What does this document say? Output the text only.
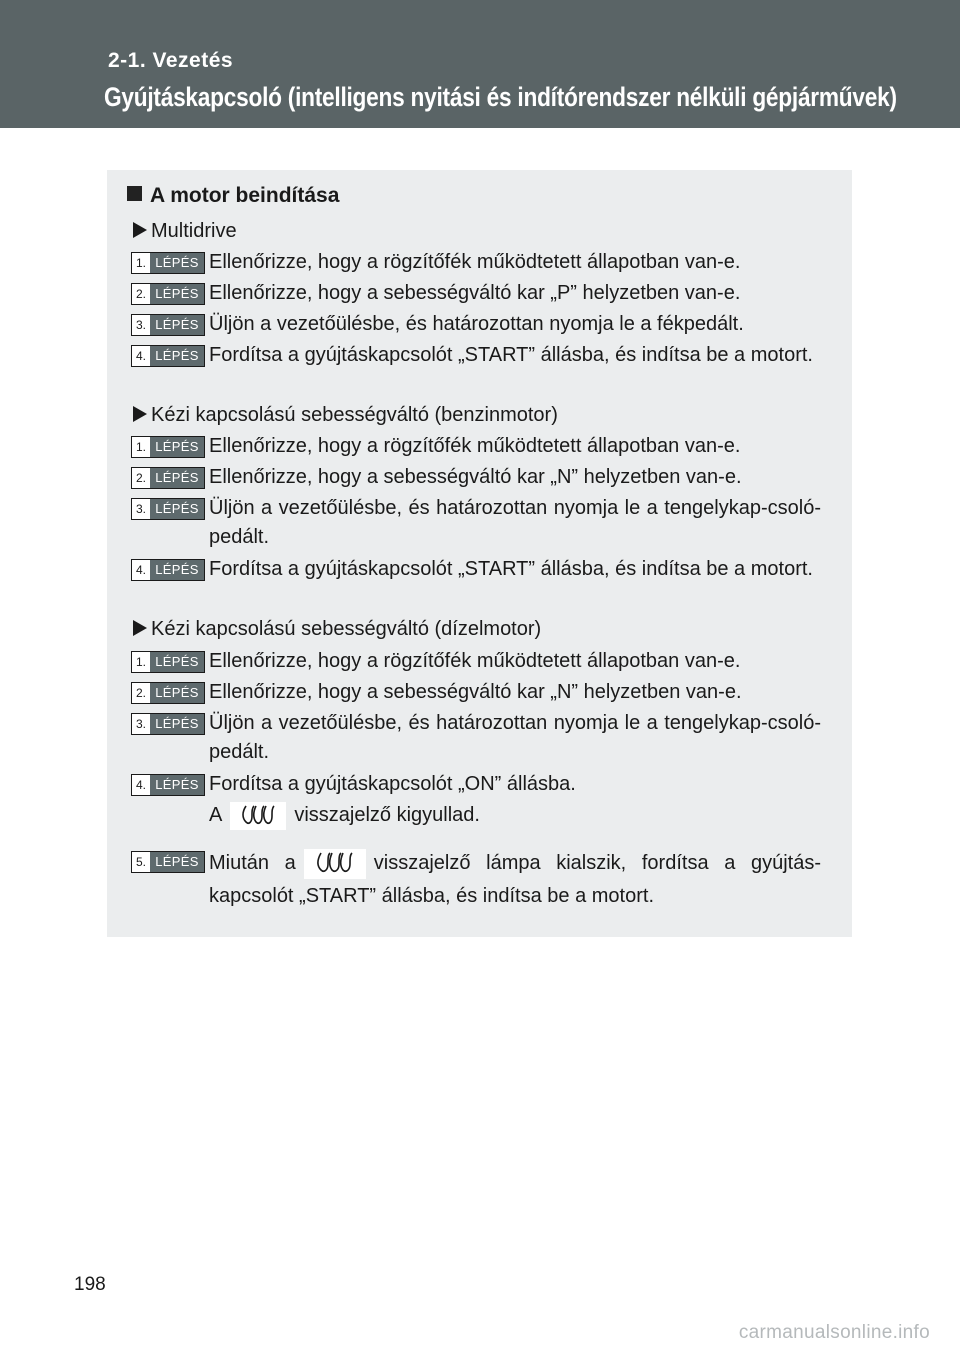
2-1. Vezetés
Gyújtáskapcsoló (intelligens nyitási és indítórendszer nélküli gépjárművek)
A motor beindítása
Multidrive
1. LÉPÉS Ellenőrizze, hogy a rögzítőfék működtetett állapotban van-e.
2. LÉPÉS Ellenőrizze, hogy a sebességváltó kar „P” helyzetben van-e.
3. LÉPÉS Üljön a vezetőülésbe, és határozottan nyomja le a fékpedált.
4. LÉPÉS Fordítsa a gyújtáskapcsolót „START” állásba, és indítsa be a motort.
Kézi kapcsolású sebességváltó (benzinmotor)
1. LÉPÉS Ellenőrizze, hogy a rögzítőfék működtetett állapotban van-e.
2. LÉPÉS Ellenőrizze, hogy a sebességváltó kar „N” helyzetben van-e.
3. LÉPÉS Üljön a vezetőülésbe, és határozottan nyomja le a tengelykap-csoló-pedált.
4. LÉPÉS Fordítsa a gyújtáskapcsolót „START” állásba, és indítsa be a motort.
Kézi kapcsolású sebességváltó (dízelmotor)
1. LÉPÉS Ellenőrizze, hogy a rögzítőfék működtetett állapotban van-e.
2. LÉPÉS Ellenőrizze, hogy a sebességváltó kar „N” helyzetben van-e.
3. LÉPÉS Üljön a vezetőülésbe, és határozottan nyomja le a tengelykap-csoló-pedált.
4. LÉPÉS Fordítsa a gyújtáskapcsolót „ON” állásba.
A	visszajelző kigyullad.
5. LÉPÉS Miután a	visszajelző lámpa kialszik, fordítsa a gyújtás-kapcsolót „START” állásba, és indítsa be a motort.
198
carmanualsonline.info
